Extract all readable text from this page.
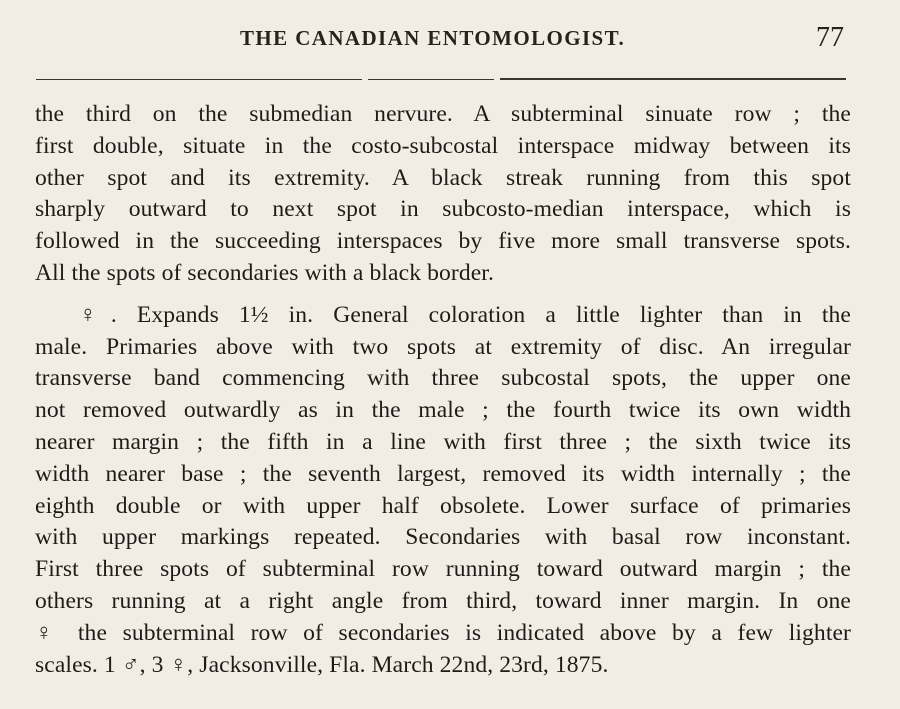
THE CANADIAN ENTOMOLOGIST.	77
the third on the submedian nervure. A subterminal sinuate row ; the
first double, situate in the costo-subcostal interspace midway between its
other spot and its extremity. A black streak running from this spot
sharply outward to next spot in subcosto-median interspace, which is
followed in the succeeding interspaces by five more small transverse spots.
All the spots of secondaries with a black border.
♀. Expands 1½ in. General coloration a little lighter than in the
male. Primaries above with two spots at extremity of disc. An irregular
transverse band commencing with three subcostal spots, the upper one
not removed outwardly as in the male ; the fourth twice its own width
nearer margin ; the fifth in a line with first three ; the sixth twice its
width nearer base ; the seventh largest, removed its width internally ; the
eighth double or with upper half obsolete. Lower surface of primaries
with upper markings repeated. Secondaries with basal row inconstant.
First three spots of subterminal row running toward outward margin ; the
others running at a right angle from third, toward inner margin. In one
♀ the subterminal row of secondaries is indicated above by a few lighter
scales. 1 ♂, 3 ♀, Jacksonville, Fla. March 22nd, 23rd, 1875.
